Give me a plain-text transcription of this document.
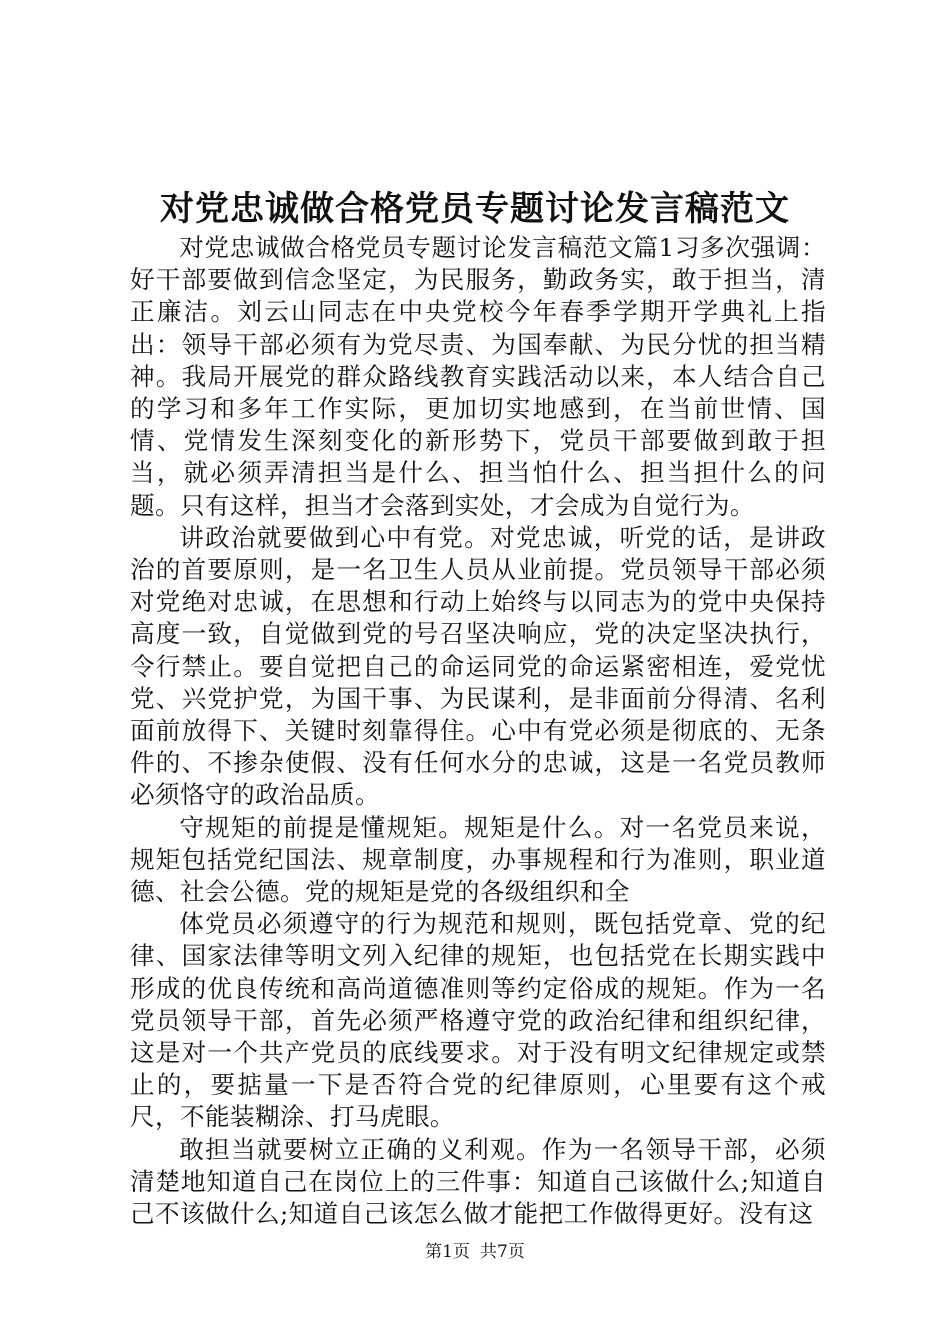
对党忠诚做合格党员专题讨论发言稿范文

对党忠诚做合格党员专题讨论发言稿范文篇1习多次强调：好干部要做到信念坚定，为民服务，勤政务实，敢于担当，清正廉洁。刘云山同志在中央党校今年春季学期开学典礼上指出：领导干部必须有为党尽责、为国奉献、为民分忧的担当精神。我局开展党的群众路线教育实践活动以来，本人结合自己的学习和多年工作实际，更加切实地感到，在当前世情、国情、党情发生深刻变化的新形势下，党员干部要做到敢于担当，就必须弄清担当是什么、担当怕什么、担当担什么的问题。只有这样，担当才会落到实处，才会成为自觉行为。

讲政治就要做到心中有党。对党忠诚，听党的话，是讲政治的首要原则，是一名卫生人员从业前提。党员领导干部必须对党绝对忠诚，在思想和行动上始终与以同志为的党中央保持高度一致，自觉做到党的号召坚决响应，党的决定坚决执行，令行禁止。要自觉把自己的命运同党的命运紧密相连，爱党忧党、兴党护党，为国干事、为民谋利，是非面前分得清、名利面前放得下、关键时刻靠得住。心中有党必须是彻底的、无条件的、不掺杂使假、没有任何水分的忠诚，这是一名党员教师必须恪守的政治品质。

守规矩的前提是懂规矩。规矩是什么。对一名党员来说，规矩包括党纪国法、规章制度，办事规程和行为准则，职业道德、社会公德。党的规矩是党的各级组织和全

体党员必须遵守的行为规范和规则，既包括党章、党的纪律、国家法律等明文列入纪律的规矩，也包括党在长期实践中形成的优良传统和高尚道德准则等约定俗成的规矩。作为一名党员领导干部，首先必须严格遵守党的政治纪律和组织纪律，这是对一个共产党员的底线要求。对于没有明文纪律规定或禁止的，要掂量一下是否符合党的纪律原则，心里要有这个戒尺，不能装糊涂、打马虎眼。

敢担当就要树立正确的义利观。作为一名领导干部，必须清楚地知道自己在岗位上的三件事：知道自己该做什么;知道自己不该做什么;知道自己该怎么做才能把工作做得更好。没有这

第1页 共7页
